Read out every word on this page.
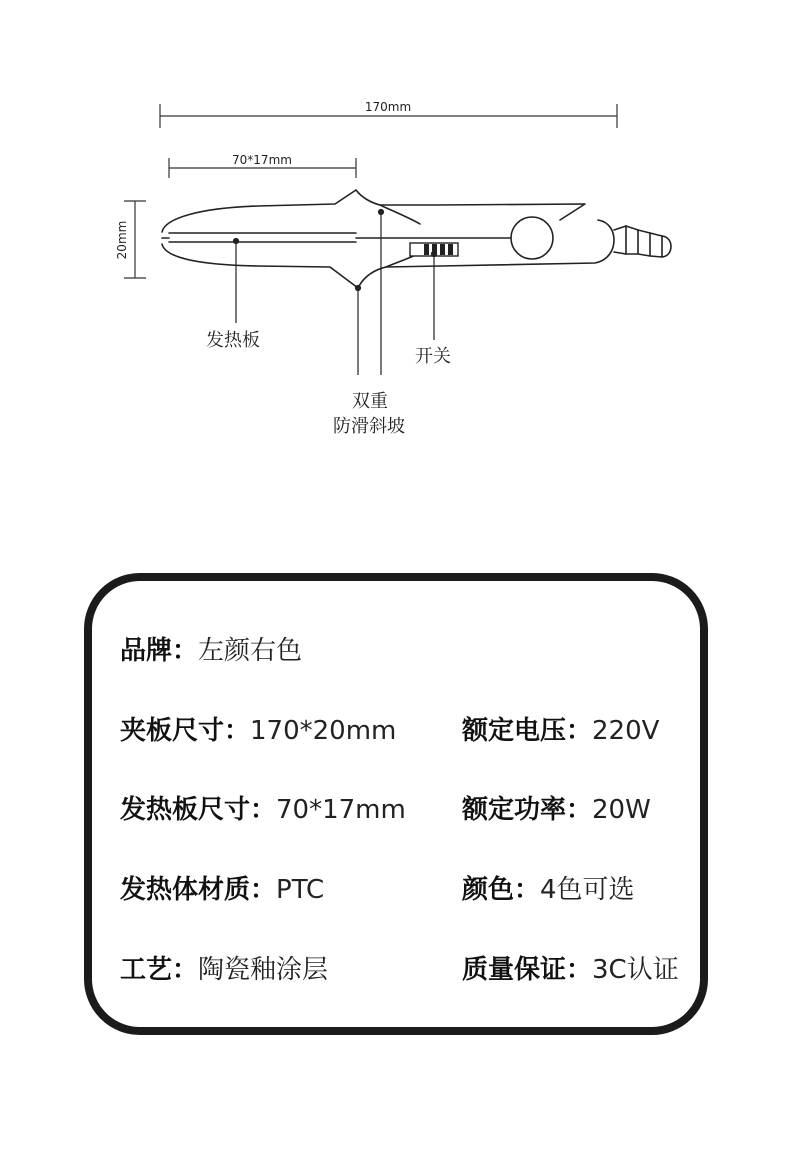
170mm
70*17mm
20mm
发热板
开关
双重
防滑斜坡
品牌：左颜右色
夹板尺寸：170*20mm	额定电压：220V
发热板尺寸：70*17mm 额定功率：20W
发热体材质：PTC	颜色：4色可选
工艺：陶瓷釉涂层	质量保证：3C认证
